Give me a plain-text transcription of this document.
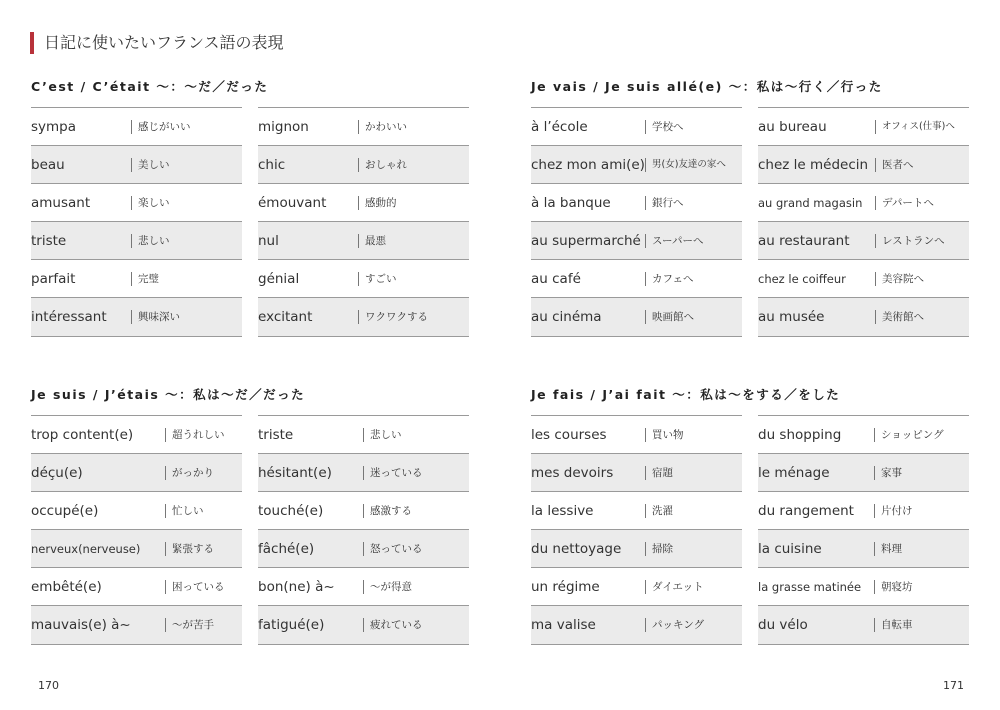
日記に使いたいフランス語の表現
C’est / C’était ～：～だ／だった
sympa	感じがいい
beau	美しい
amusant	楽しい
triste	悲しい
parfait	完璧
intéressant	興味深い
mignon	かわいい
chic	おしゃれ
émouvant	感動的
nul	最悪
génial	すごい
excitant	ワクワクする
Je vais / Je suis allé(e) ～：私は～行く／行った
à l’école	学校へ
chez mon ami(e) 男(女)友達の家へ
à la banque	銀行へ
au supermarché	スーパーへ
au café	カフェへ
au cinéma	映画館へ
au bureau	オフィス(仕事)へ
chez le médecin	医者へ
au grand magasin	デパートへ
au restaurant	レストランへ
chez le coiffeur	美容院へ
au musée	美術館へ
Je suis / J’étais ～：私は～だ／だった
trop content(e)	超うれしい
déçu(e)	がっかり
occupé(e)	忙しい
nerveux(nerveuse)	緊張する
embêté(e)	困っている
mauvais(e) à~	～が苦手
triste	悲しい
hésitant(e)	迷っている
touché(e)	感激する
fâché(e)	怒っている
bon(ne) à~	～が得意
fatigué(e)	疲れている
Je fais / J’ai fait ～：私は～をする／をした
les courses	買い物
mes devoirs	宿題
la lessive	洗濯
du nettoyage	掃除
un régime	ダイエット
ma valise	パッキング
du shopping	ショッピング
le ménage	家事
du rangement	片付け
la cuisine	料理
la grasse matinée	朝寝坊
du vélo	自転車
170	171
